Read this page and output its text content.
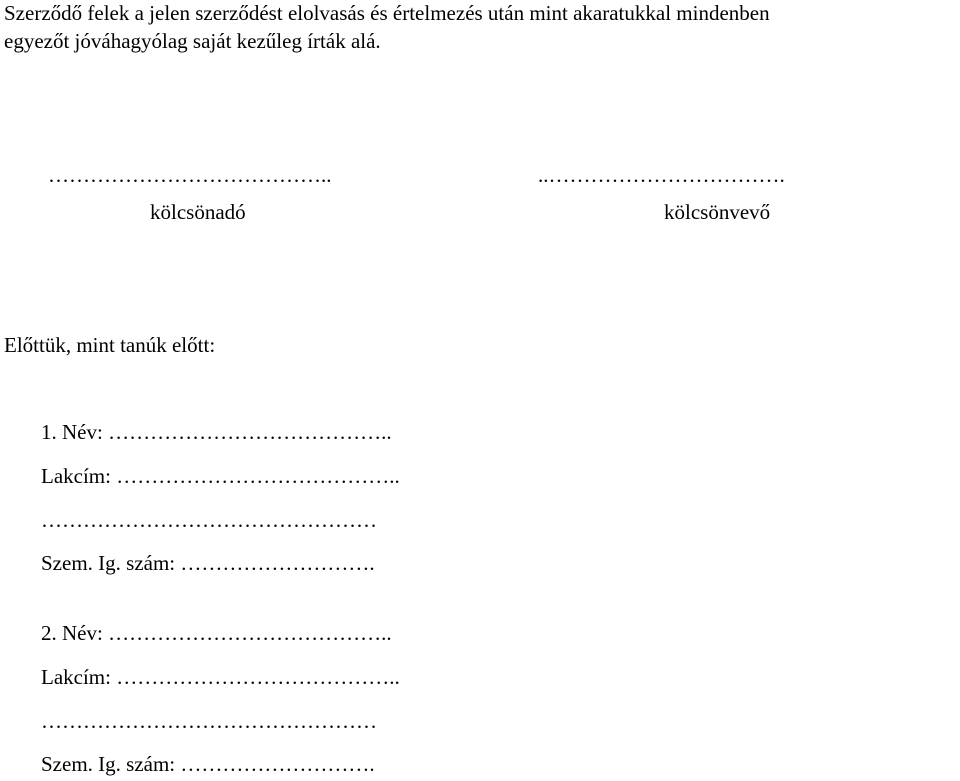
Szerződő felek a jelen szerződést elolvasás és értelmezés után mint akaratukkal mindenben
egyezőt jóváhagyólag saját kezűleg írták alá.
…………………………………..	..…………………………….
kölcsönadó	kölcsönvevő
Előttük, mint tanúk előtt:
1. Név: …………………………………..
Lakcím: …………………………………..
…………………………………………
Szem. Ig. szám: ……………………….
2. Név: …………………………………..
Lakcím: …………………………………..
…………………………………………
Szem. Ig. szám: ……………………….
